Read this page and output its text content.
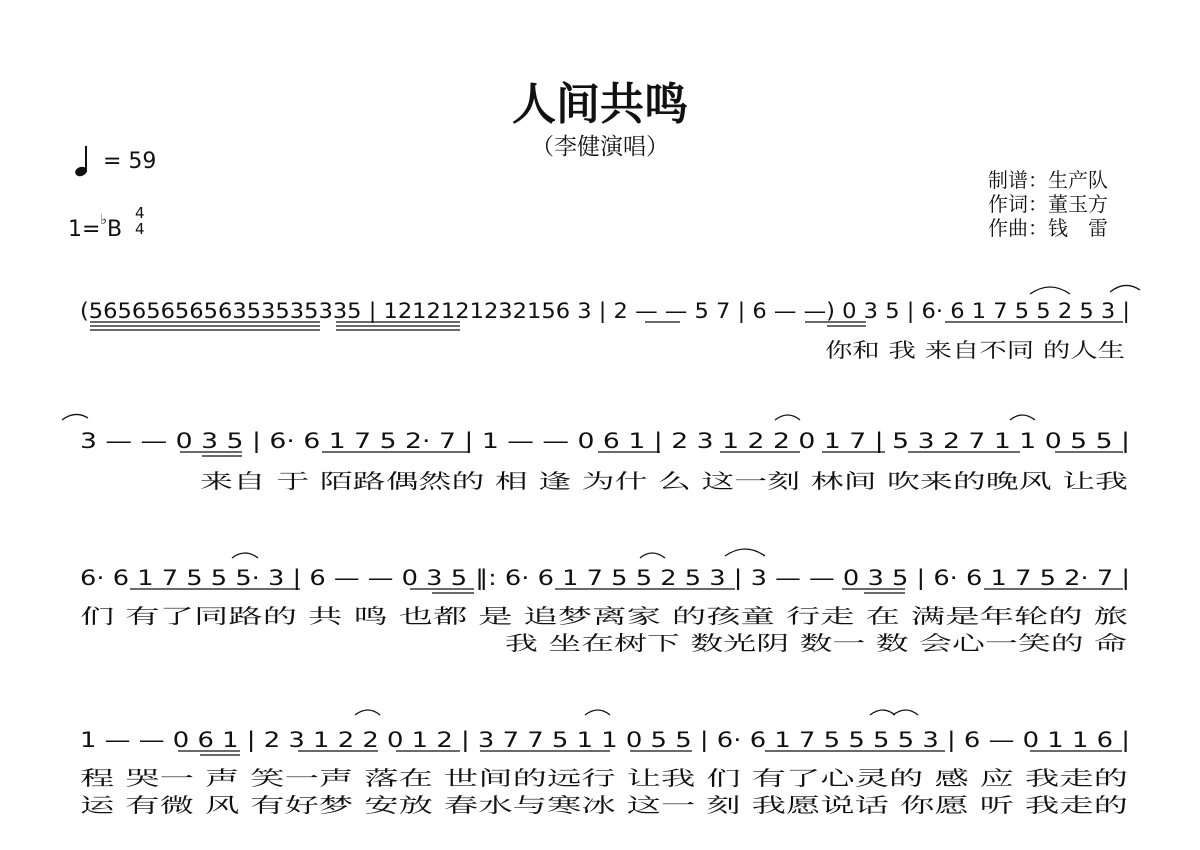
人间共鸣
（李健演唱）
= 59
1=♭B
4
4
制谱：生产队
作词：董玉方
作曲：钱　雷
(5656565656353535335 | 1212121232156 3 | 2 — — 5 7 | 6 — —) 0 3 5 | 6· 6 1 7 5 5 2 5 3 |
你和 我 来自不同 的人生
3 — — 0 3 5 | 6· 6 1 7 5 2· 7 | 1 — — 0 6 1 | 2 3 1 2 2 0 1 7 | 5 3 2 7 1 1 0 5 5 |
来自 于 陌路偶然的 相 逢 为什 么 这一刻 林间 吹来的晚风 让我
6· 6 1 7 5 5 5· 3 | 6 — — 0 3 5 ‖: 6· 6 1 7 5 5 2 5 3 | 3 — — 0 3 5 | 6· 6 1 7 5 2· 7 |
们 有了同路的 共 鸣 也都 是 追梦离家 的孩童 行走 在 满是年轮的 旅
我 坐在树下 数光阴 数一 数 会心一笑的 命
1 — — 0 6 1 | 2 3 1 2 2 0 1 2 | 3 7 7 5 1 1 0 5 5 | 6· 6 1 7 5 5 5 5 3 | 6 — 0 1 1 6 |
程 哭一 声 笑一声 落在 世间的远行 让我 们 有了心灵的 感 应 我走的
运 有微 风 有好梦 安放 春水与寒冰 这一 刻 我愿说话 你愿 听 我走的
